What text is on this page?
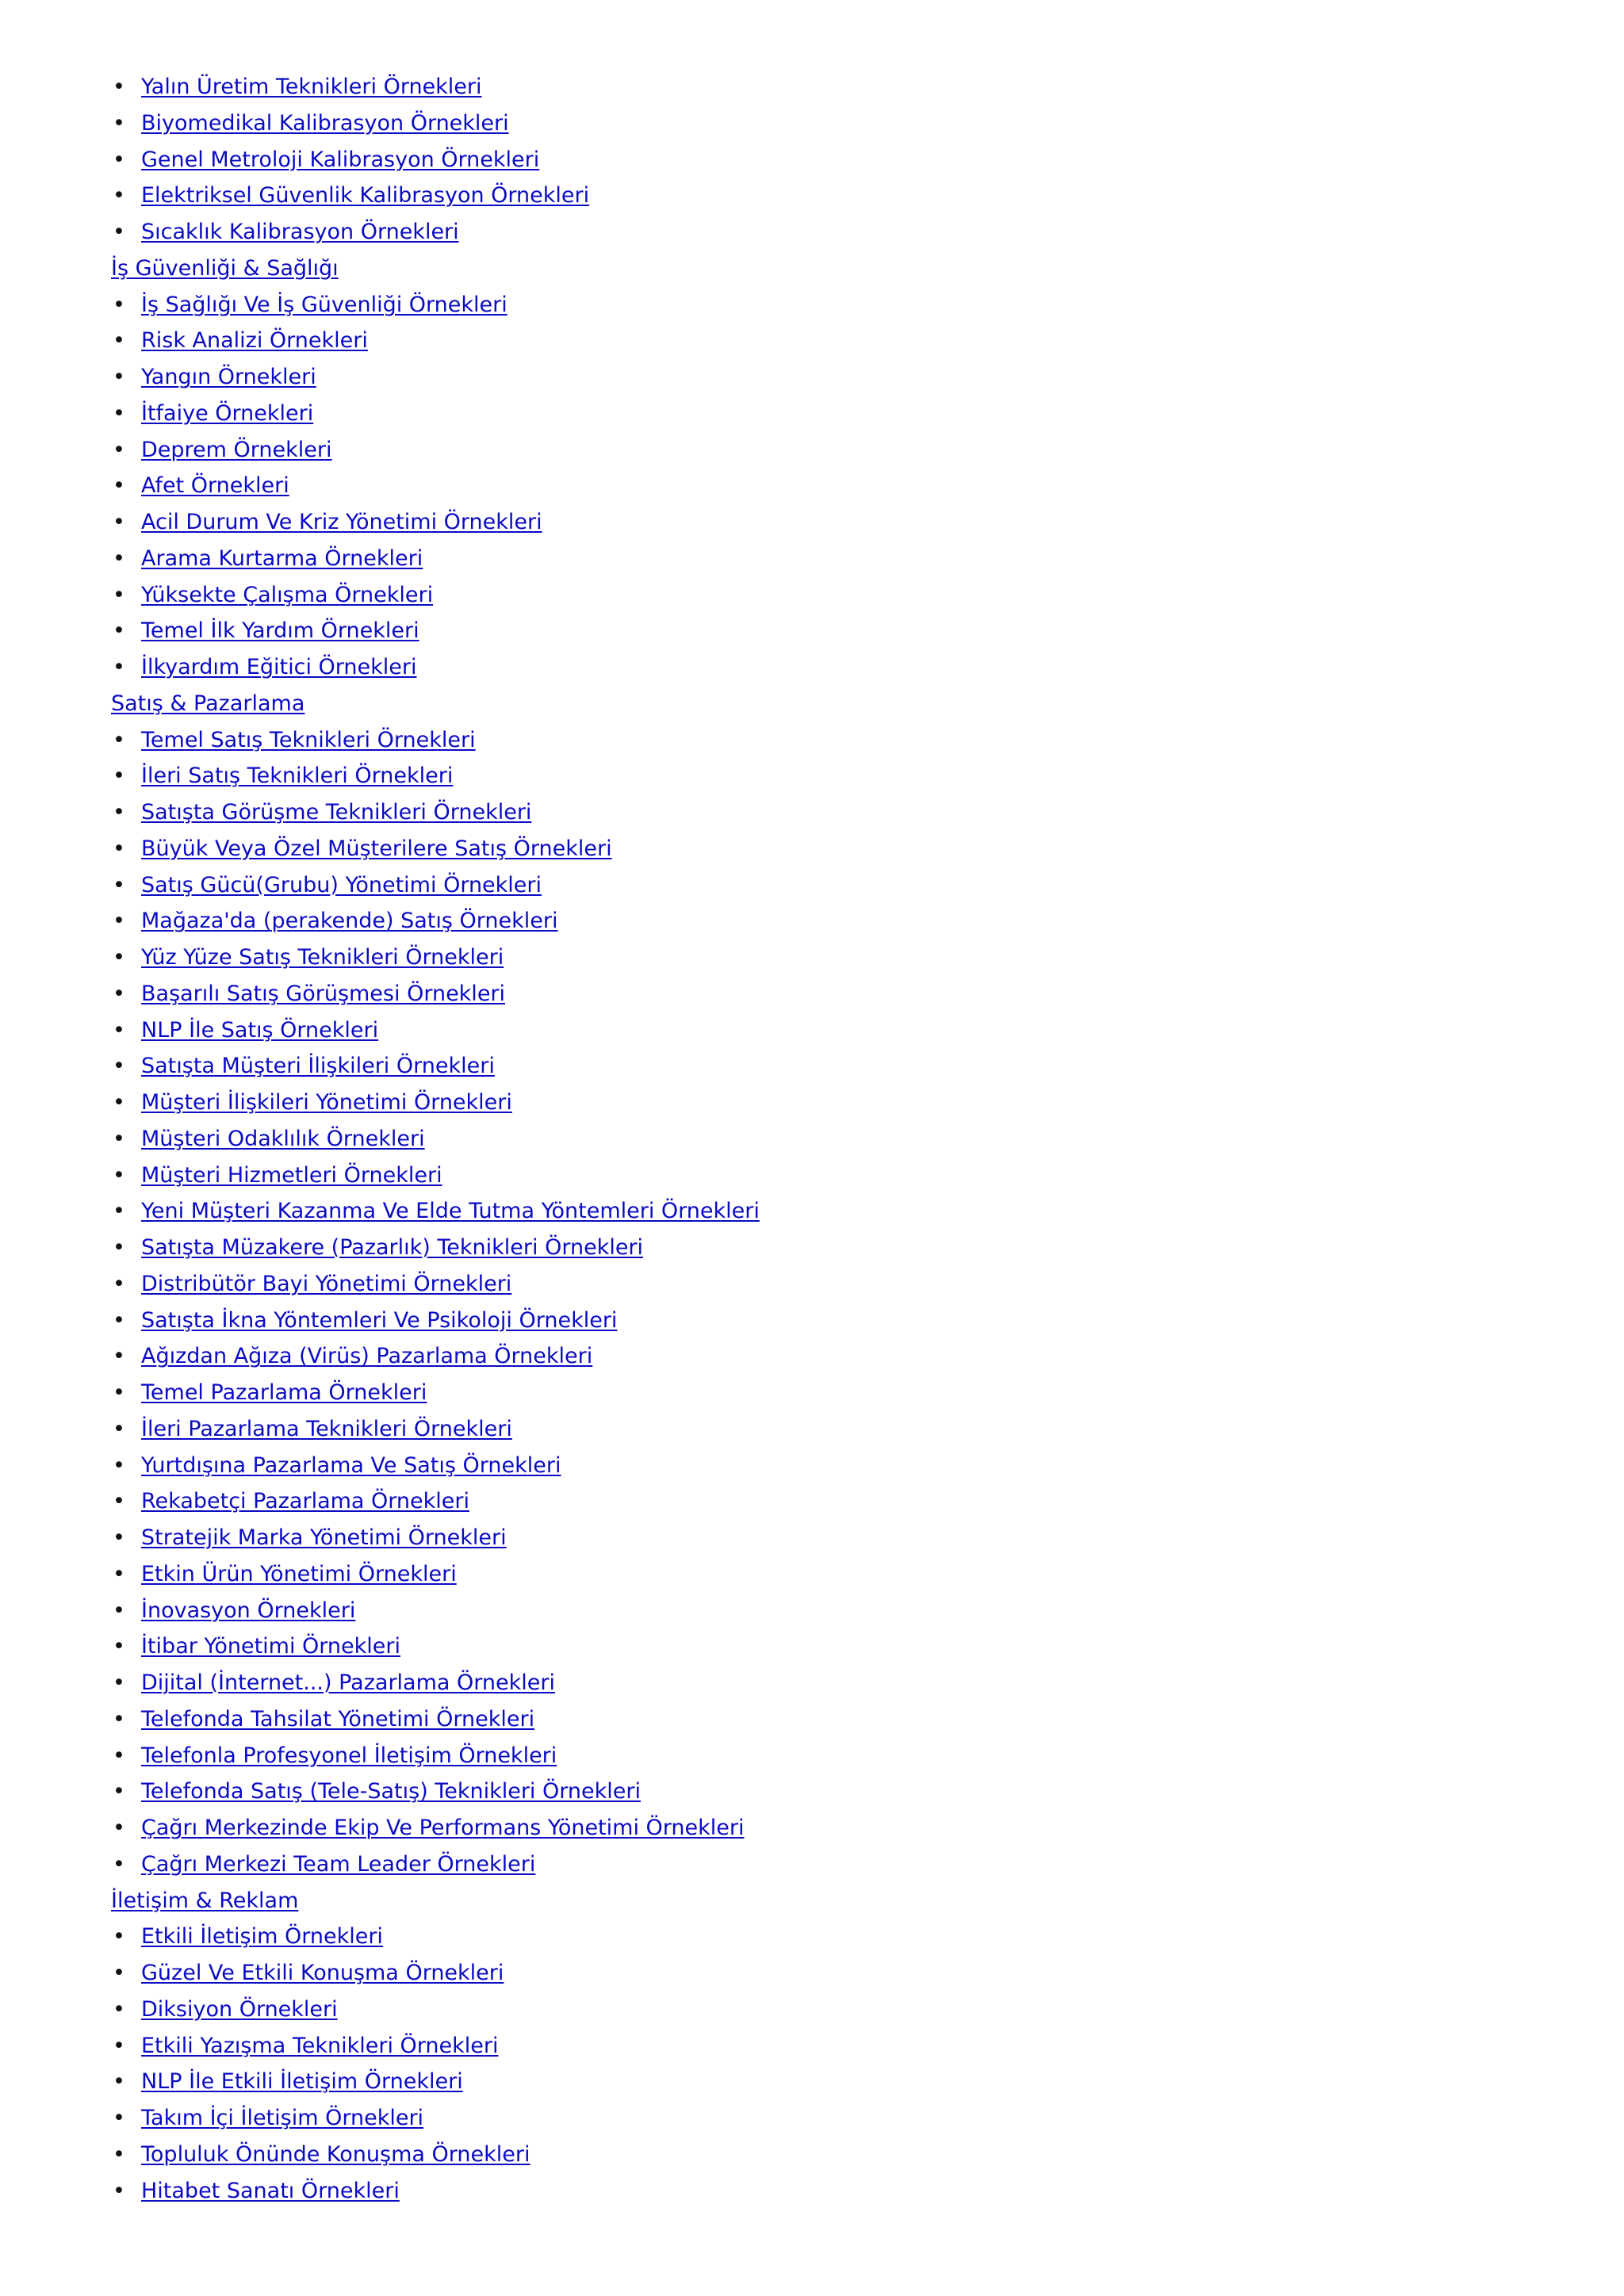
• Yalın Üretim Teknikleri Örnekleri
• Biyomedikal Kalibrasyon Örnekleri
• Genel Metroloji Kalibrasyon Örnekleri
• Elektriksel Güvenlik Kalibrasyon Örnekleri
• Sıcaklık Kalibrasyon Örnekleri
İş Güvenliği & Sağlığı
• İş Sağlığı Ve İş Güvenliği Örnekleri
• Risk Analizi Örnekleri
• Yangın Örnekleri
• İtfaiye Örnekleri
• Deprem Örnekleri
• Afet Örnekleri
• Acil Durum Ve Kriz Yönetimi Örnekleri
• Arama Kurtarma Örnekleri
• Yüksekte Çalışma Örnekleri
• Temel İlk Yardım Örnekleri
• İlkyardım Eğitici Örnekleri
Satış & Pazarlama
• Temel Satış Teknikleri Örnekleri
• İleri Satış Teknikleri Örnekleri
• Satışta Görüşme Teknikleri Örnekleri
• Büyük Veya Özel Müşterilere Satış Örnekleri
• Satış Gücü(Grubu) Yönetimi Örnekleri
• Mağaza'da (perakende) Satış Örnekleri
• Yüz Yüze Satış Teknikleri Örnekleri
• Başarılı Satış Görüşmesi Örnekleri
• NLP İle Satış Örnekleri
• Satışta Müşteri İlişkileri Örnekleri
• Müşteri İlişkileri Yönetimi Örnekleri
• Müşteri Odaklılık Örnekleri
• Müşteri Hizmetleri Örnekleri
• Yeni Müşteri Kazanma Ve Elde Tutma Yöntemleri Örnekleri
• Satışta Müzakere (Pazarlık) Teknikleri Örnekleri
• Distribütör Bayi Yönetimi Örnekleri
• Satışta İkna Yöntemleri Ve Psikoloji Örnekleri
• Ağızdan Ağıza (Virüs) Pazarlama Örnekleri
• Temel Pazarlama Örnekleri
• İleri Pazarlama Teknikleri Örnekleri
• Yurtdışına Pazarlama Ve Satış Örnekleri
• Rekabetçi Pazarlama Örnekleri
• Stratejik Marka Yönetimi Örnekleri
• Etkin Ürün Yönetimi Örnekleri
• İnovasyon Örnekleri
• İtibar Yönetimi Örnekleri
• Dijital (İnternet...) Pazarlama Örnekleri
• Telefonda Tahsilat Yönetimi Örnekleri
• Telefonla Profesyonel İletişim Örnekleri
• Telefonda Satış (Tele-Satış) Teknikleri Örnekleri
• Çağrı Merkezinde Ekip Ve Performans Yönetimi Örnekleri
• Çağrı Merkezi Team Leader Örnekleri
İletişim & Reklam
• Etkili İletişim Örnekleri
• Güzel Ve Etkili Konuşma Örnekleri
• Diksiyon Örnekleri
• Etkili Yazışma Teknikleri Örnekleri
• NLP İle Etkili İletişim Örnekleri
• Takım İçi İletişim Örnekleri
• Topluluk Önünde Konuşma Örnekleri
• Hitabet Sanatı Örnekleri
